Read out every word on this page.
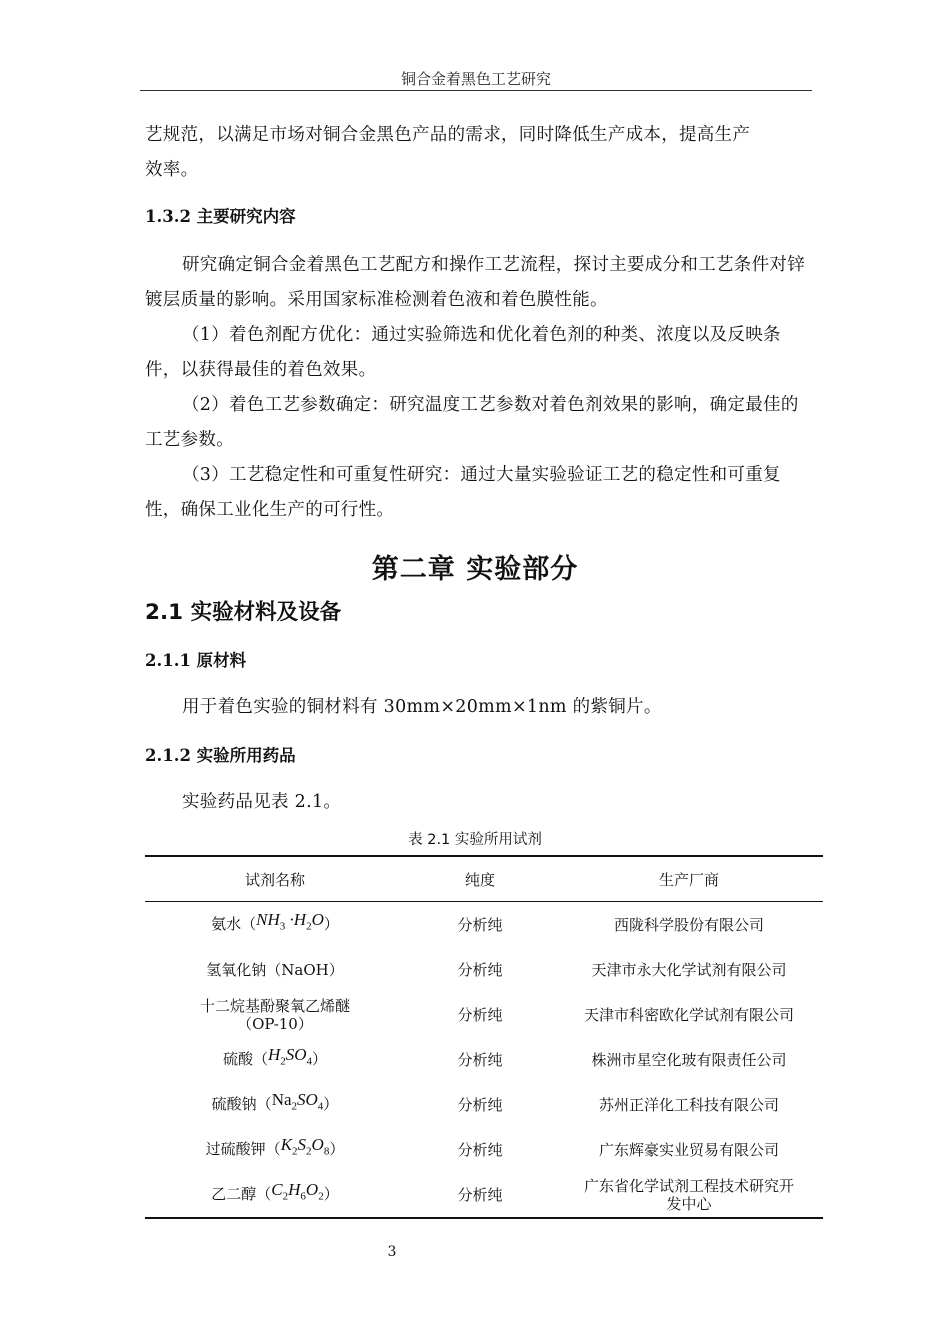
铜合金着黑色工艺研究

艺规范，以满足市场对铜合金黑色产品的需求，同时降低生产成本，提高生产
效率。

1.3.2 主要研究内容

研究确定铜合金着黑色工艺配方和操作工艺流程，探讨主要成分和工艺条件对锌镀层质量的影响。采用国家标准检测着色液和着色膜性能。

（1）着色剂配方优化：通过实验筛选和优化着色剂的种类、浓度以及反映条件，以获得最佳的着色效果。

（2）着色工艺参数确定：研究温度工艺参数对着色剂效果的影响，确定最佳的工艺参数。

（3）工艺稳定性和可重复性研究：通过大量实验验证工艺的稳定性和可重复性，确保工业化生产的可行性。

第二章 实验部分
2.1 实验材料及设备
2.1.1 原材料

用于着色实验的铜材料有 30mm×20mm×1nm 的紫铜片。

2.1.2 实验所用药品

实验药品见表 2.1。

表 2.1 实验所用试剂
试剂名称	纯度	生产厂商
氨水$(NH_3 \cdot H_2O)$	分析纯	西陇科学股份有限公司
氢氧化钠（NaOH）	分析纯	天津市永大化学试剂有限公司
十二烷基酚聚氧乙烯醚
（OP-10）	分析纯	天津市科密欧化学试剂有限公司
硫酸$(H_2SO_4)$	分析纯	株洲市星空化玻有限责任公司
硫酸钠$(Na_2SO_4)$	分析纯	苏州正洋化工科技有限公司
过硫酸钾$(K_2S_2O_8)$	分析纯	广东辉豪实业贸易有限公司
乙二醇$(C_2H_6O_2)$	分析纯	广东省化学试剂工程技术研究开
发中心
3
